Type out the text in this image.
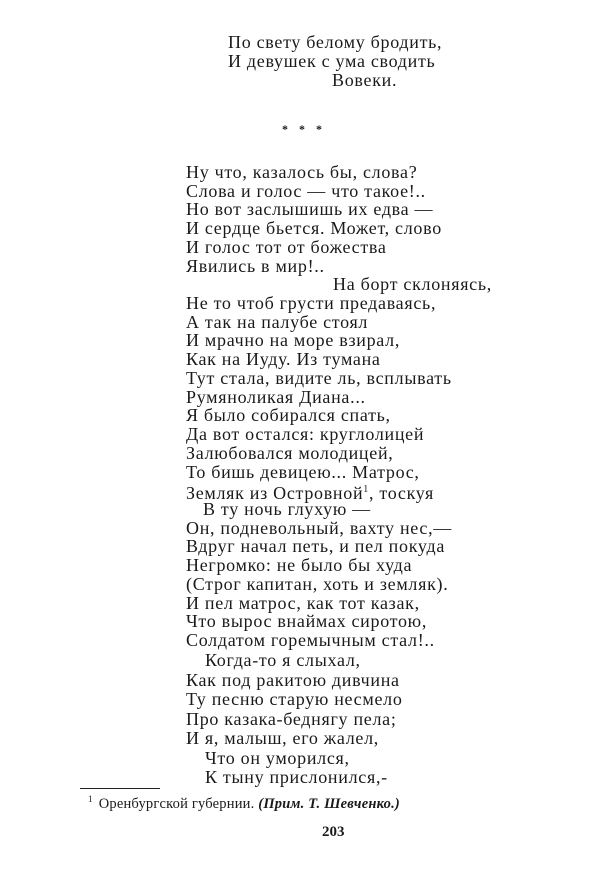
По свету белому бродить,
И девушек с ума сводить
Вовеки.
* * *
Ну что, казалось бы, слова?
Слова и голос — что такое!..
Но вот заслышишь их едва —
И сердце бьется. Может, слово
И голос тот от божества
Явились в мир!..
На борт склоняясь,
Не то чтоб грусти предаваясь,
А так на палубе стоял
И мрачно на море взирал,
Как на Иуду. Из тумана
Тут стала, видите ль, всплывать
Румяноликая Диана...
Я было собирался спать,
Да вот остался: круглолицей
Залюбовался молодицей,
То бишь девицею... Матрос,
Земляк из Островной$^1$, тоскуя
В ту ночь глухую —
Он, подневольный, вахту нес,—
Вдруг начал петь, и пел покуда
Негромко: не было бы худа
(Строг капитан, хоть и земляк).
И пел матрос, как тот казак,
Что вырос внаймах сиротою,
Солдатом горемычным стал!..
Когда-то я слыхал,
Как под ракитою дивчина
Ту песню старую несмело
Про казака-беднягу пела;
И я, малыш, его жалел,
Что он уморился,
К тыну прислонился,-
$^1$ Оренбургской губернии. (Прим. Т. Шевченко.)
203
